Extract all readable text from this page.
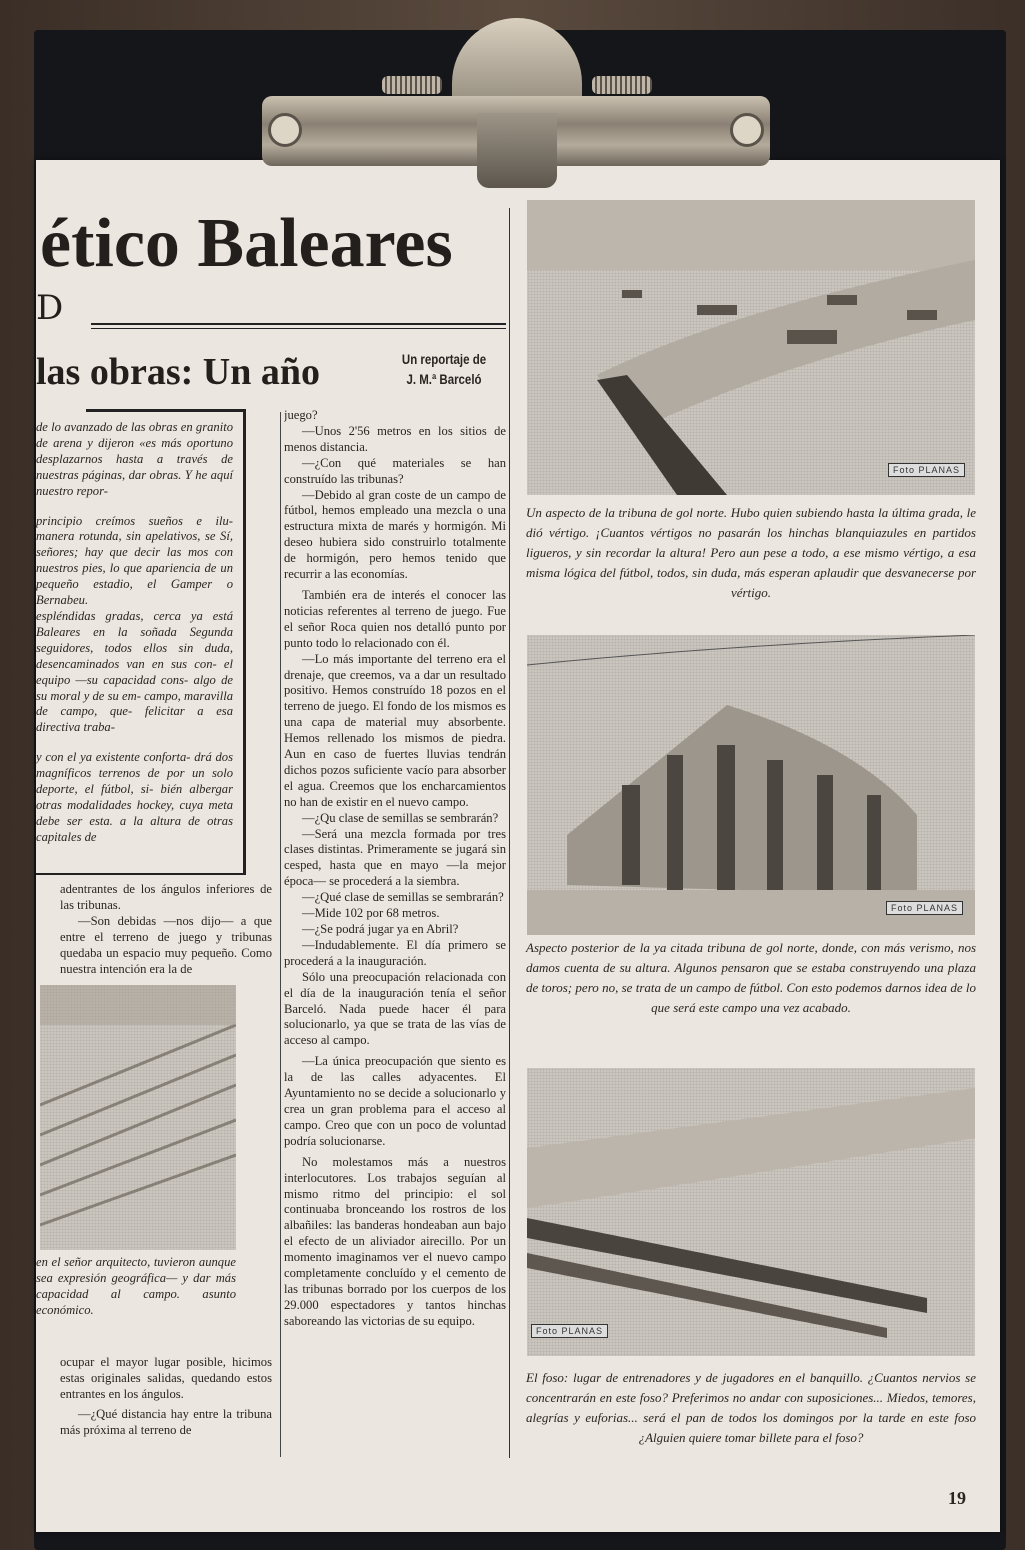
ético Baleares
D
las obras: Un año	Un reportaje de
J. M.ª Barceló

de lo avanzado de las obras en granito de arena y dijeron «es más oportuno desplazarnos hasta a través de nuestras páginas, dar obras. Y he aquí nuestro repor-

principio creímos sueños e ilu- manera rotunda, sin apelativos, se Sí, señores; hay que decir las mos con nuestros pies, lo que apariencia de un pequeño estadio, el Gamper o Bernabeu.

espléndidas gradas, cerca ya está Baleares en la soñada Segunda seguidores, todos ellos sin duda, desencaminados van en sus con- el equipo —su capacidad cons- algo de su moral y de su em- campo, maravilla de campo, que- felicitar a esa directiva traba-

y con el ya existente conforta- drá dos magníficos terrenos de por un solo deporte, el fútbol, si- bién albergar otras modalidades hockey, cuya meta debe ser esta. a la altura de otras capitales de

adentrantes de los ángulos inferiores de las tribunas.

—Son debidas —nos dijo— a que entre el terreno de juego y tribunas quedaba un espacio muy pequeño. Como nuestra intención era la de

en el señor arquitecto, tuvieron aunque sea expresión geográfica— y dar más capacidad al campo. asunto económico.

ocupar el mayor lugar posible, hicimos estas originales salidas, quedando estos entrantes en los ángulos.

—¿Qué distancia hay entre la tribuna más próxima al terreno de

juego?

—Unos 2'56 metros en los sitios de menos distancia.

—¿Con qué materiales se han construído las tribunas?

—Debido al gran coste de un campo de fútbol, hemos empleado una mezcla o una estructura mixta de marés y hormigón. Mi deseo hubiera sido construirlo totalmente de hormigón, pero hemos tenido que recurrir a las economías.

También era de interés el conocer las noticias referentes al terreno de juego. Fue el señor Roca quien nos detalló punto por punto todo lo relacionado con él.

—Lo más importante del terreno era el drenaje, que creemos, va a dar un resultado positivo. Hemos construído 18 pozos en el terreno de juego. El fondo de los mismos es una capa de material muy absorbente. Hemos rellenado los mismos de piedra. Aun en caso de fuertes lluvias tendrán dichos pozos suficiente vacío para absorber el agua. Creemos que los encharcamientos no han de existir en el nuevo campo.

—¿Qu clase de semillas se sembrarán?

—Será una mezcla formada por tres clases distintas. Primeramente se jugará sin cesped, hasta que en mayo —la mejor época— se procederá a la siembra.

—¿Qué clase de semillas se sembrarán?

—Mide 102 por 68 metros.

—¿Se podrá jugar ya en Abril?

—Indudablemente. El día primero se procederá a la inauguración.

Sólo una preocupación relacionada con el día de la inauguración tenía el señor Barceló. Nada puede hacer él para solucionarlo, ya que se trata de las vías de acceso al campo.

—La única preocupación que siento es la de las calles adyacentes. El Ayuntamiento no se decide a solucionarlo y crea un gran problema para el acceso al campo. Creo que con un poco de voluntad podría solucionarse.

No molestamos más a nuestros interlocutores. Los trabajos seguían al mismo ritmo del principio: el sol continuaba bronceando los rostros de los albañiles: las banderas hondeaban aun bajo el efecto de un aliviador airecillo. Por un momento imaginamos ver el nuevo campo completamente concluído y el cemento de las tribunas borrado por los cuerpos de los 29.000 espectadores y tantos hinchas saboreando las victorias de su equipo.

Foto PLANAS
Un aspecto de la tribuna de gol norte. Hubo quien subiendo hasta la última grada, le dió vértigo. ¡Cuantos vértigos no pasarán los hinchas blanquiazules en partidos ligueros, y sin recordar la altura! Pero aun pese a todo, a ese mismo vértigo, a esa misma lógica del fútbol, todos, sin duda, más esperan aplaudir que desvanecerse por vértigo.
Foto PLANAS
Aspecto posterior de la ya citada tribuna de gol norte, donde, con más verismo, nos damos cuenta de su altura. Algunos pensaron que se estaba construyendo una plaza de toros; pero no, se trata de un campo de fútbol. Con esto podemos darnos idea de lo que será este campo una vez acabado.
Foto PLANAS
El foso: lugar de entrenadores y de jugadores en el banquillo. ¿Cuantos nervios se concentrarán en este foso? Preferimos no andar con suposiciones... Miedos, temores, alegrías y euforias... será el pan de todos los domingos por la tarde en este foso ¿Alguien quiere tomar billete para el foso?
19
